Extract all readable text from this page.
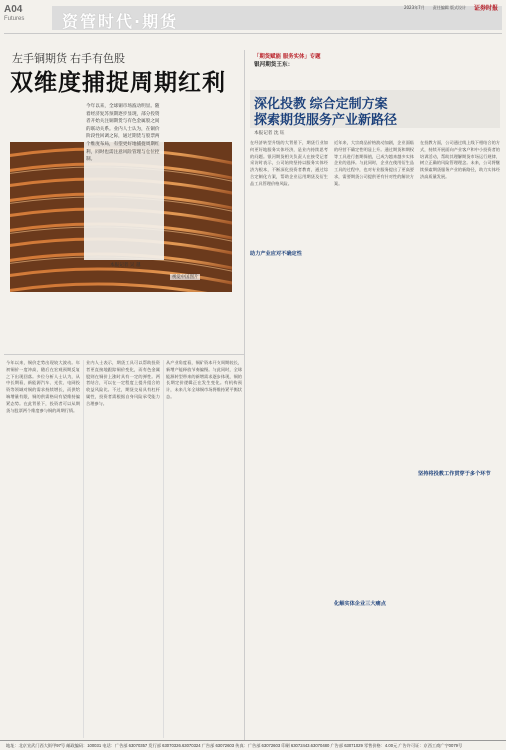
A04
Futures 资管时代·期货
2023年7月 责任编辑 版式设计 证券时报
左手铜期货 右手有色股
双维度捕捉周期红利
今年以来，全球铜市场波动明显。随着经济复苏预期逐步显现，部分投资者开始关注铜期货与有色金属股之间的联动关系。业内人士认为，在铜价阶段性回调之际，通过期货与股票两个维度布局，有望更好地捕捉周期红利，同时也需注意风险管理与仓位控制。
视觉中国图片
本报记者 吴 越
今年以来，铜价走势出现较大波动。年初铜价一度冲高，随后在宏观预期反复之下出现回落。多位分析人士认为，从中长期看，新能源汽车、光伏、电网投资等领域对铜的需求持续增长，而供给端增量有限，铜的供需格局有望维持偏紧态势。在此背景下，投资者可以从期货与股票两个维度参与铜的周期行情。
业内人士表示，期货工具可以帮助投资者更直接地跟踪铜价变化，而有色金属股则在铜价上涨时具有一定的弹性。两者结合，可以在一定程度上提升组合的收益风险比。不过，期货交易具有杠杆属性，投资者需根据自身风险承受能力合理参与。
从产业角度看，铜矿资本开支周期较长，新增产能释放节奏偏慢。与此同时，全球能源转型带来的新增需求逐步体现，铜的长期定价逻辑正在发生变化。有机构预计，未来几年全球铜市场将维持紧平衡状态。
「期货赋能 服务实体」专题
银河期货王东：
深化投教 综合定制方案
探索期货服务产业新路径
本报记者 沈 钰
在经济转型升级的大背景下，期货行业如何更好地服务实体经济，是业内持续思考的问题。银河期货相关负责人在接受记者采访时表示，公司始终坚持以服务实体经济为根本，不断深化投资者教育，通过综合定制化方案，帮助企业运用期货及衍生品工具管理价格风险。
助力产业应对不确定性
近年来，大宗商品价格波动加剧，企业面临的经营不确定性明显上升。通过期货和期权等工具进行套期保值，已成为越来越多实体企业的选择。与此同时，企业在使用衍生品工具的过程中，也对专业服务提出了更高要求，需要期货公司提供更有针对性的解决方案。
坚持将投教工作贯穿于多个环节
在投教方面，公司通过线上线下相结合的方式，持续开展面向产业客户和中小投资者的培训活动，帮助其理解期货市场运行规律、树立正确的风险管理理念。未来，公司将继续探索期货服务产业的新路径，助力实体经济高质量发展。
化解实体企业三大痛点
地址：北京宣武门西大街甲97号 邮政编码：100031 电话：广告部 63070357 发行部 63070326.63070324 广告部 63072603 传真：广告部 63072603 印刷 63072443.63070480 广告部 63071029 零售价格：4.00元 广告许可证：京西工商广字0079号
